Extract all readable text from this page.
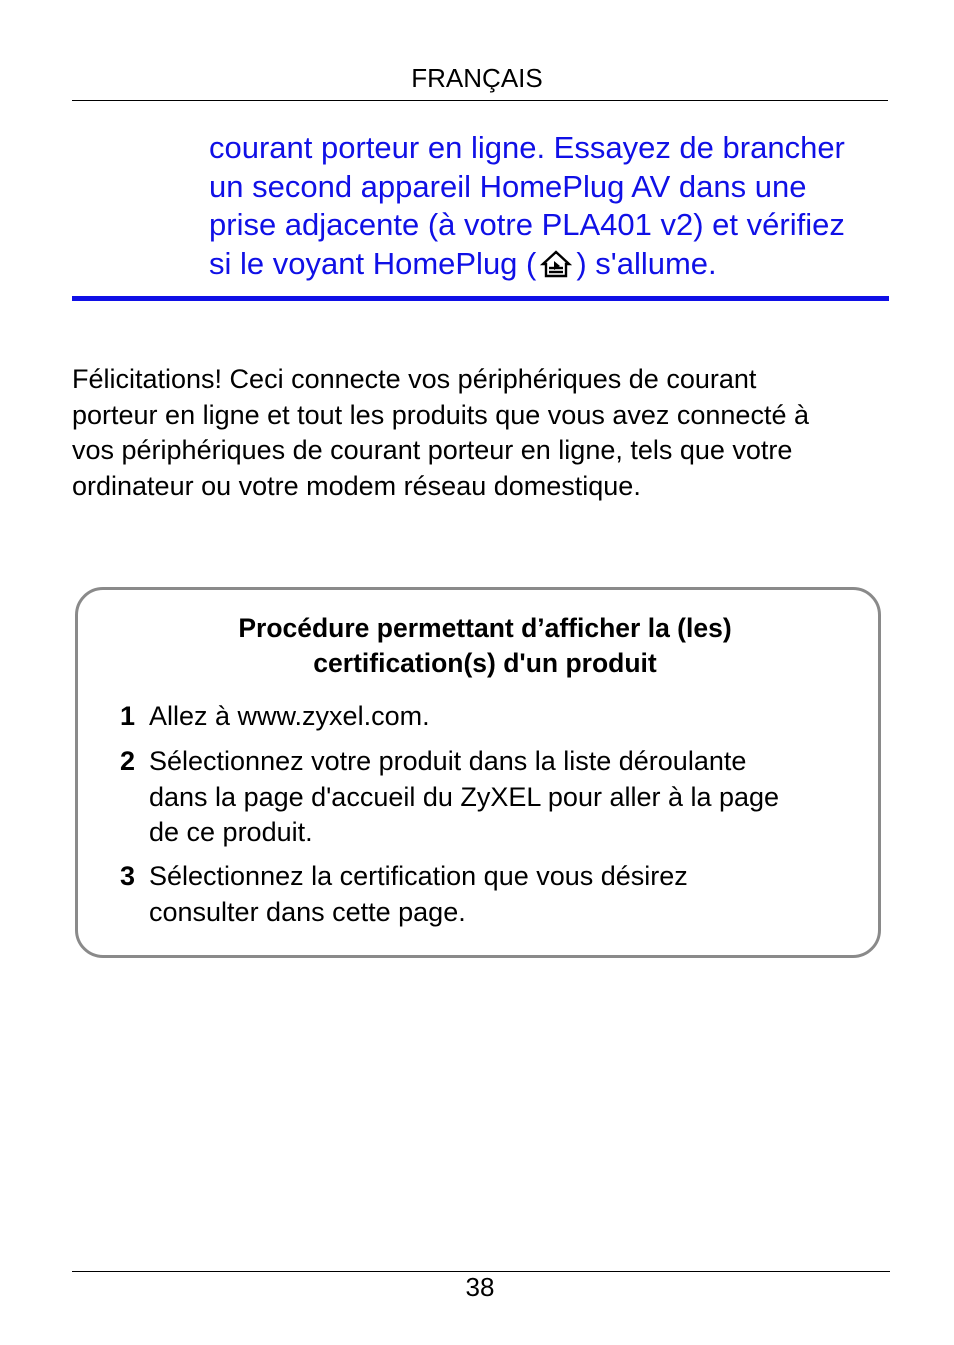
FRANÇAIS
courant porteur en ligne. Essayez de brancher
un second appareil HomePlug AV dans une
prise adjacente (à votre PLA401 v2) et vérifiez
si le voyant HomePlug ( ) s'allume.
Félicitations! Ceci connecte vos périphériques de courant
porteur en ligne et tout les produits que vous avez connecté à
vos périphériques de courant porteur en ligne, tels que votre
ordinateur ou votre modem réseau domestique.
Procédure permettant d’afficher la (les)
certification(s) d'un produit
1 Allez à www.zyxel.com.
2 Sélectionnez votre produit dans la liste déroulante
dans la page d'accueil du ZyXEL pour aller à la page
de ce produit.
3 Sélectionnez la certification que vous désirez
consulter dans cette page.
38
